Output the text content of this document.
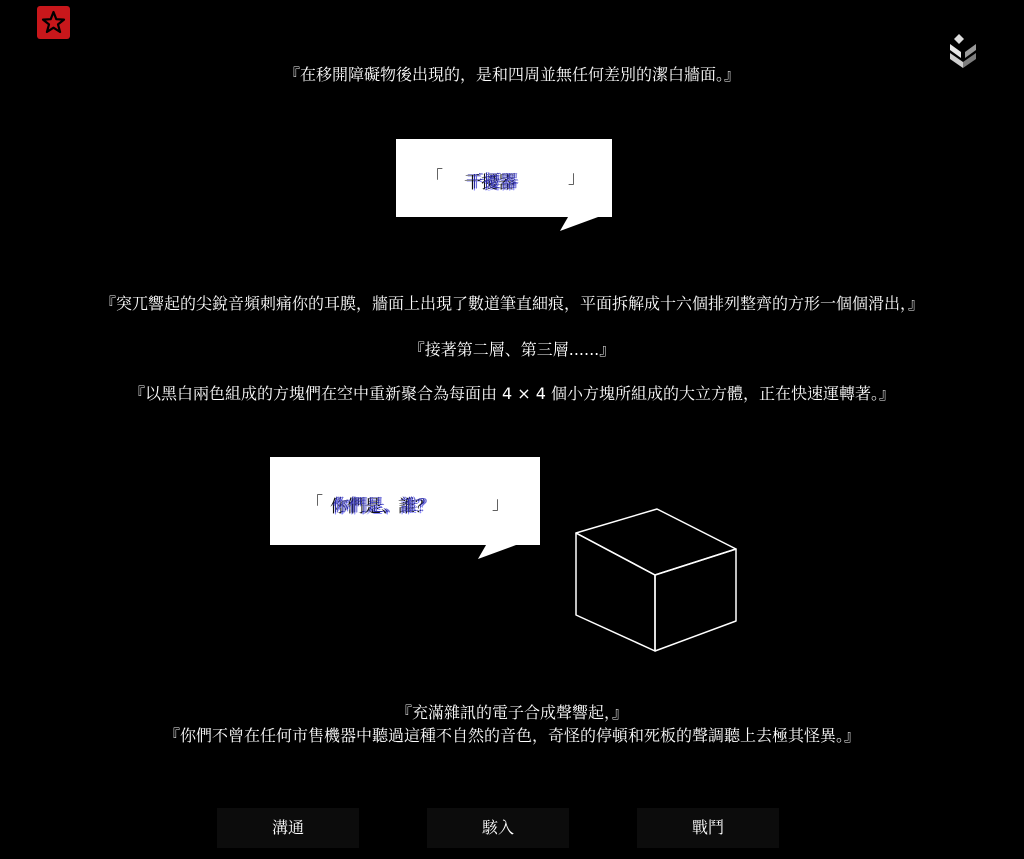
『在移開障礙物後出現的，是和四周並無任何差別的潔白牆面。』
「 干擾器	」
『突兀響起的尖銳音頻刺痛你的耳膜，牆面上出現了數道筆直細痕，平面拆解成十六個排列整齊的方形一個個滑出，』
『接著第二層、第三層......』
『以黑白兩色組成的方塊們在空中重新聚合為每面由 4 × 4 個小方塊所組成的大立方體，正在快速運轉著。』
「 你們是、誰？	」
『充滿雜訊的電子合成聲響起，』
『你們不曾在任何市售機器中聽過這種不自然的音色，奇怪的停頓和死板的聲調聽上去極其怪異。』
溝通	駭入	戰鬥
